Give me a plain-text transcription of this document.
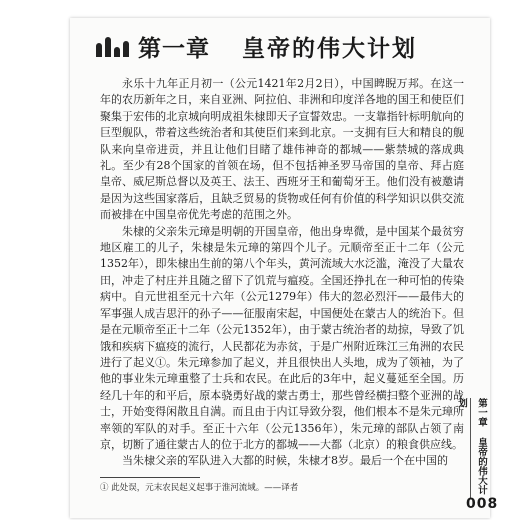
第一章 皇帝的伟大计划

永乐十九年正月初一（公元1421年2月2日），中国睥睨万邦。在这一年的农历新年之日，来自亚洲、阿拉伯、非洲和印度洋各地的国王和使臣们聚集于宏伟的北京城向明成祖朱棣即天子宣誓效忠。一支靠指针标明航向的巨型舰队，带着这些统治者和其使臣们来到北京。一支拥有巨大和精良的舰队来向皇帝进贡，并且让他们目睹了雄伟神奇的都城——紫禁城的落成典礼。至少有28个国家的首领在场，但不包括神圣罗马帝国的皇帝、拜占庭皇帝、威尼斯总督以及英王、法王、西班牙王和葡萄牙王。他们没有被邀请是因为这些国家落后，且缺乏贸易的货物或任何有价值的科学知识以供交流而被排在中国皇帝优先考虑的范围之外。

朱棣的父亲朱元璋是明朝的开国皇帝，他出身卑微，是中国某个最贫穷地区雇工的儿子，朱棣是朱元璋的第四个儿子。元顺帝至正十二年（公元1352年），即朱棣出生前的第八个年头，黄河流域大水泛滥，淹没了大量农田，冲走了村庄并且随之留下了饥荒与瘟疫。全国还挣扎在一种可怕的传染病中。自元世祖至元十六年（公元1279年）伟大的忽必烈汗——最伟大的军事强人成吉思汗的孙子——征服南宋起，中国便处在蒙古人的统治下。但是在元顺帝至正十二年（公元1352年），由于蒙古统治者的劫掠，导致了饥饿和疾病下瘟疫的流行，人民都花为赤贫，于是广州附近珠江三角洲的农民进行了起义①。朱元璋参加了起义，并且很快出人头地，成为了领袖，为了他的事业朱元璋重整了士兵和农民。在此后的3年中，起义蔓延至全国。历经几十年的和平后，原本骁勇好战的蒙古勇士，那些曾经横扫整个亚洲的战士，开始变得闲散且自满。而且由于内讧导致分裂，他们根本不是朱元璋所率领的军队的对手。至正十六年（公元1356年），朱元璋的部队占领了南京，切断了通往蒙古人的位于北方的都城——大都（北京）的粮食供应线。

当朱棣父亲的军队进入大都的时候，朱棣才8岁。最后一个在中国的

① 此处误，元末农民起义起事于淮河流域。——译者	第一章 皇帝的伟大计划
008
